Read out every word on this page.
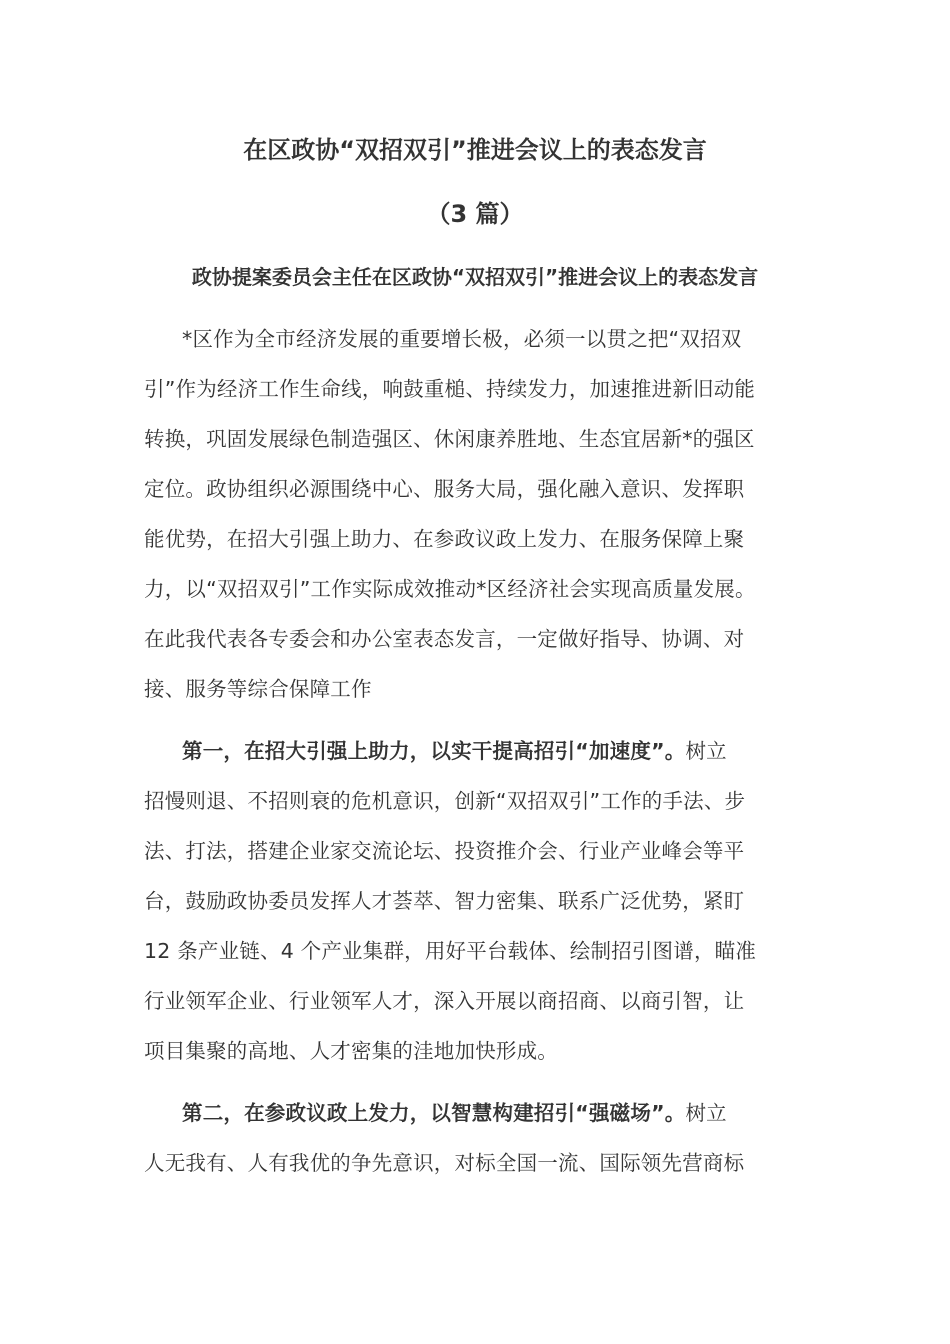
在区政协“双招双引”推进会议上的表态发言
（3 篇）
政协提案委员会主任在区政协“双招双引”推进会议上的表态发言
*区作为全市经济发展的重要增长极，必须一以贯之把“双招双
引”作为经济工作生命线，响鼓重槌、持续发力，加速推进新旧动能
转换，巩固发展绿色制造强区、休闲康养胜地、生态宜居新*的强区
定位。政协组织必源围绕中心、服务大局，强化融入意识、发挥职
能优势，在招大引强上助力、在参政议政上发力、在服务保障上聚
力，以“双招双引”工作实际成效推动*区经济社会实现高质量发展。
在此我代表各专委会和办公室表态发言，一定做好指导、协调、对
接、服务等综合保障工作
第一，在招大引强上助力，以实干提高招引“加速度”。树立
招慢则退、不招则衰的危机意识，创新“双招双引”工作的手法、步
法、打法，搭建企业家交流论坛、投资推介会、行业产业峰会等平
台，鼓励政协委员发挥人才荟萃、智力密集、联系广泛优势，紧盯
12 条产业链、4 个产业集群，用好平台载体、绘制招引图谱，瞄准
行业领军企业、行业领军人才，深入开展以商招商、以商引智，让
项目集聚的高地、人才密集的洼地加快形成。
第二，在参政议政上发力，以智慧构建招引“强磁场”。树立
人无我有、人有我优的争先意识，对标全国一流、国际领先营商标
